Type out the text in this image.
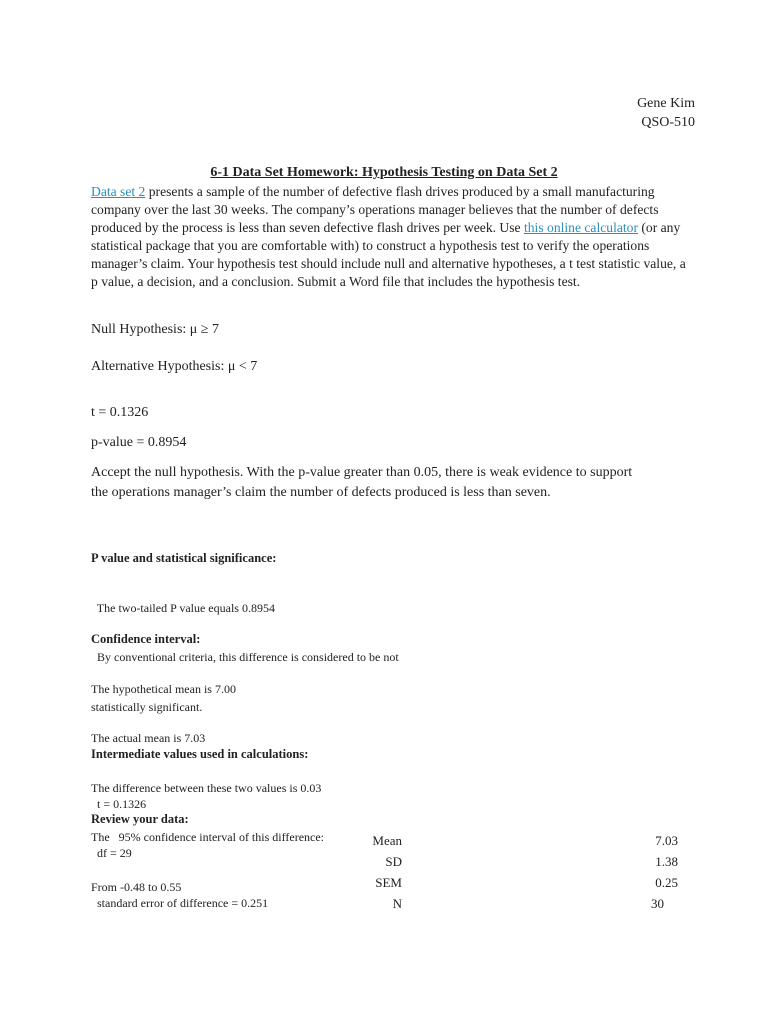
Gene Kim
QSO-510
6-1 Data Set Homework: Hypothesis Testing on Data Set 2

Data set 2 presents a sample of the number of defective flash drives produced by a small manufacturing company over the last 30 weeks. The company’s operations manager believes that the number of defects produced by the process is less than seven defective flash drives per week. Use this online calculator (or any statistical package that you are comfortable with) to construct a hypothesis test to verify the operations manager’s claim. Your hypothesis test should include null and alternative hypotheses, a t test statistic value, a p value, a decision, and a conclusion. Submit a Word file that includes the hypothesis test.

Null Hypothesis: μ ≥ 7
Alternative Hypothesis: μ < 7
t = 0.1326
p-value = 0.8954
Accept the null hypothesis. With the p-value greater than 0.05, there is weak evidence to support
the operations manager’s claim the number of defects produced is less than seven.

P value and statistical significance:

The two-tailed P value equals 0.8954

By conventional criteria, this difference is considered to be not

statistically significant.

Confidence interval:

The hypothetical mean is 7.00

The actual mean is 7.03

The difference between these two values is 0.03

The   95% confidence interval of this difference:

From -0.48 to 0.55

Intermediate values used in calculations:

t = 0.1326

df = 29

standard error of difference = 0.251

Review your data:
Mean	7.03
SD	1.38
SEM	0.25
N	30
